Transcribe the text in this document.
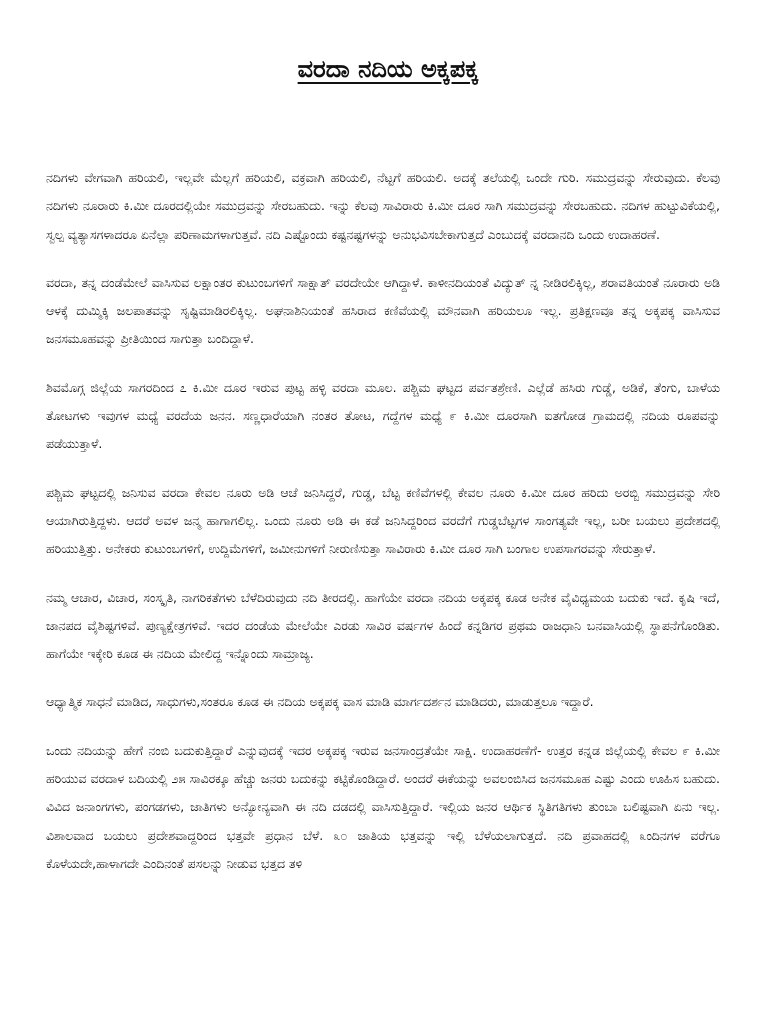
ವರದಾ ನದಿಯ ಅಕ್ಕಪಕ್ಕ

ನದಿಗಳು ವೇಗವಾಗಿ ಹರಿಯಲಿ, ಇಲ್ಲವೇ ಮೆಲ್ಲಗೆ ಹರಿಯಲಿ, ವಕ್ರವಾಗಿ ಹರಿಯಲಿ, ನೆಟ್ಟಗೆ ಹರಿಯಲಿ. ಅದಕ್ಕೆ ತಲೆಯಲ್ಲಿ ಒಂದೇ ಗುರಿ. ಸಮುದ್ರವನ್ನು ಸೇರುವುದು. ಕೆಲವು ನದಿಗಳು ನೂರಾರು ಕಿ.ಮೀ ದೂರದಲ್ಲಿಯೇ ಸಮುದ್ರವನ್ನು ಸೇರಬಹುದು. ಇನ್ನು ಕೆಲವು ಸಾವಿರಾರು ಕಿ.ಮೀ ದೂರ ಸಾಗಿ ಸಮುದ್ರವನ್ನು ಸೇರಬಹುದು. ನದಿಗಳ ಹುಟ್ಟುವಿಕೆಯಲ್ಲಿ, ಸ್ವಲ್ಪ ವ್ಯತ್ಯಾಸಗಳಾದರೂ ಏನೆಲ್ಲಾ ಪರಿಣಾಮಗಳಾಗುತ್ತವೆ. ನದಿ ಎಷ್ಟೊಂದು ಕಷ್ಟನಷ್ಟಗಳನ್ನು ಅನುಭವಿಸಬೇಕಾಗುತ್ತದೆ ಎಂಬುದಕ್ಕೆ ವರದಾನದಿ ಒಂದು ಉದಾಹರಣೆ.

ವರದಾ, ತನ್ನ ದಂಡೆಮೇಲೆ ವಾಸಿಸುವ ಲಕ್ಷಾಂತರ ಕುಟುಂಬಗಳಿಗೆ ಸಾಕ್ಷಾತ್ ವರದೇಯೇ ಆಗಿದ್ದಾಳೆ. ಕಾಳೀನದಿಯಂತೆ ವಿದ್ಯುತ್ ನ್ನ ನೀಡಿರಲಿಕ್ಕಿಲ್ಲ, ಶರಾವತಿಯಂತೆ ನೂರಾರು ಅಡಿ ಆಳಕ್ಕೆ ದುಮ್ಮಿಕ್ಕಿ ಜಲಪಾತವನ್ನು ಸೃಷ್ಟಿಮಾಡಿರಲಿಕ್ಕಿಲ್ಲ. ಅಘನಾಶಿನಿಯಂತೆ ಹಸಿರಾದ ಕಣಿವೆಯಲ್ಲಿ ಮೌನವಾಗಿ ಹರಿಯಲೂ ಇಲ್ಲ. ಪ್ರತಿಕ್ಷಣವೂ ತನ್ನ ಅಕ್ಕಪಕ್ಕ ವಾಸಿಸುವ ಜನಸಮೂಹವನ್ನು ಪ್ರೀತಿಯಿಂದ ಸಾಗುತ್ತಾ ಬಂದಿದ್ದಾಳೆ.

ಶಿವಮೊಗ್ಗ ಜಿಲ್ಲೆಯ ಸಾಗರದಿಂದ ೭ ಕಿ.ಮೀ ದೂರ ಇರುವ ಪುಟ್ಟ ಹಳ್ಳಿ ವರದಾ ಮೂಲ. ಪಶ್ಚಿಮ ಘಟ್ಟದ ಪರ್ವತಶ್ರೇಣಿ. ಎಲ್ಲೆಡೆ ಹಸಿರು ಗುಡ್ಡೆ, ಅಡಿಕೆ, ತೆಂಗು, ಬಾಳೆಯ ತೋಟಗಳು ಇವುಗಳ ಮಧ್ಯೆ ವರದೆಯ ಜನನ. ಸಣ್ಣಧಾರೆಯಾಗಿ ನಂತರ ತೋಟ, ಗದ್ದೆಗಳ ಮಧ್ಯೆ ೯ ಕಿ.ಮೀ ದೂರಸಾಗಿ ಐತಗೋಡ ಗ್ರಾಮದಲ್ಲಿ ನದಿಯ ರೂಪವನ್ನು ಪಡೆಯುತ್ತಾಳೆ.

ಪಶ್ಚಿಮ ಘಟ್ಟದಲ್ಲಿ ಜನಿಸುವ ವರದಾ ಕೇವಲ ನೂರು ಅಡಿ ಆಚೆ ಜನಿಸಿದ್ದರೆ, ಗುಡ್ಡ, ಬೆಟ್ಟ ಕಣಿವೆಗಳಲ್ಲಿ ಕೇವಲ ನೂರು ಕಿ.ಮೀ ದೂರ ಹರಿದು ಅರಬ್ಬಿ ಸಮುದ್ರವನ್ನು ಸೇರಿ ಆಯಾಗಿರುತ್ತಿದ್ದಳು. ಆದರೆ ಅವಳ ಜನ್ಮ ಹಾಗಾಗಲಿಲ್ಲ. ಒಂದು ನೂರು ಅಡಿ ಈ ಕಡೆ ಜನಿಸಿದ್ದರಿಂದ ವರದೆಗೆ ಗುಡ್ಡಬೆಟ್ಟಗಳ ಸಾಂಗತ್ಯವೇ ಇಲ್ಲ, ಬರೀ ಬಯಲು ಪ್ರದೇಶದಲ್ಲಿ ಹರಿಯುತ್ತಿತ್ತು. ಅನೇಕರು ಕುಟುಂಬಗಳಿಗೆ, ಉದ್ದಿಮೆಗಳಿಗೆ, ಜಮೀನುಗಳಿಗೆ ನೀರುಣಿಸುತ್ತಾ ಸಾವಿರಾರು ಕಿ.ಮೀ ದೂರ ಸಾಗಿ ಬಂಗಾಲ ಉಪಸಾಗರವನ್ನು ಸೇರುತ್ತಾಳೆ.

ನಮ್ಮ ಆಚಾರ, ವಿಚಾರ, ಸಂಸ್ಕೃತಿ, ನಾಗರಿಕತೆಗಳು ಬೆಳೆದಿರುವುದು ನದಿ ತೀರದಲ್ಲಿ. ಹಾಗೆಯೇ ವರದಾ ನದಿಯ ಅಕ್ಕಪಕ್ಕ ಕೂಡ ಅನೇಕ ವೈವಿಧ್ಯಮಯ ಬದುಕು ಇದೆ. ಕೃಷಿ ಇದೆ, ಜಾನಪದ ವೈಶಿಷ್ಟಗಳಿವೆ. ಪುಣ್ಯಕ್ಷೇತ್ರಗಳಿವೆ. ಇದರ ದಂಡೆಯ ಮೇಲೆಯೇ ಎರಡು ಸಾವಿರ ವರ್ಷಗಳ ಹಿಂದೆ ಕನ್ನಡಿಗರ ಪ್ರಥಮ ರಾಜಧಾನಿ ಬನವಾಸಿಯಲ್ಲಿ ಸ್ಥಾಪನೆಗೊಂಡಿತು. ಹಾಗೆಯೇ ಇಕ್ಕೇರಿ ಕೂಡ ಈ ನದಿಯ ಮೇಲಿದ್ದ ಇನ್ನೊಂದು ಸಾಮ್ರಾಜ್ಯ.

ಆಧ್ಯಾತ್ಮಿಕ ಸಾಧನೆ ಮಾಡಿದ, ಸಾಧುಗಳು,ಸಂತರೂ ಕೂಡ ಈ ನದಿಯ ಅಕ್ಕಪಕ್ಕ ವಾಸ ಮಾಡಿ ಮಾರ್ಗದರ್ಶನ ಮಾಡಿದರು, ಮಾಡುತ್ತಲೂ ಇದ್ದಾರೆ.

ಒಂದು ನದಿಯನ್ನು ಹೇಗೆ ನಂಬಿ ಬದುಕುತ್ತಿದ್ದಾರೆ ಎನ್ನುವುದಕ್ಕೆ ಇದರ ಅಕ್ಕಪಕ್ಕ ಇರುವ ಜನಸಾಂದ್ರತೆಯೇ ಸಾಕ್ಷಿ. ಉದಾಹರಣೆಗೆ- ಉತ್ತರ ಕನ್ನಡ ಜಿಲ್ಲೆಯಲ್ಲಿ ಕೇವಲ ೯ ಕಿ.ಮೀ ಹರಿಯುವ ವರದಾಳ ಬದಿಯಲ್ಲಿ ೨೫ ಸಾವಿರಕ್ಕೂ ಹೆಚ್ಚು ಜನರು ಬದುಕನ್ನು ಕಟ್ಟಿಕೊಂಡಿದ್ದಾರೆ. ಅಂದರೆ ಈಕೆಯನ್ನು ಅವಲಂಬಿಸಿದ ಜನಸಮೂಹ ಎಷ್ಟು ಎಂದು ಊಹಿಸ ಬಹುದು. ವಿವಿದ ಜನಾಂಗಗಳು, ಪಂಗಡಗಳು, ಜಾತಿಗಳು ಅನ್ಯೋನ್ಯವಾಗಿ ಈ ನದಿ ದಡದಲ್ಲಿ ವಾಸಿಸುತ್ತಿದ್ದಾರೆ. ಇಲ್ಲಿಯ ಜನರ ಆರ್ಥಿಕ ಸ್ಥಿತಿಗತಿಗಳು ತುಂಬಾ ಬಲಿಷ್ಟವಾಗಿ ಏನು ಇಲ್ಲ. ವಿಶಾಲವಾದ ಬಯಲು ಪ್ರದೇಶವಾದ್ದರಿಂದ ಭತ್ತವೇ ಪ್ರಧಾನ ಬೆಳೆ. ೩೦ ಜಾತಿಯ ಭತ್ತವನ್ನು ಇಲ್ಲಿ ಬೆಳೆಯಲಾಗುತ್ತದೆ. ನದಿ ಪ್ರವಾಹದಲ್ಲಿ ೩ಂದಿನಗಳ ವರೆಗೂ ಕೊಳೆಯದೇ,ಹಾಳಾಗದೇ ಎಂದಿನಂತೆ ಪಸಲನ್ನು ನೀಡುವ ಭತ್ತದ ತಳಿ
